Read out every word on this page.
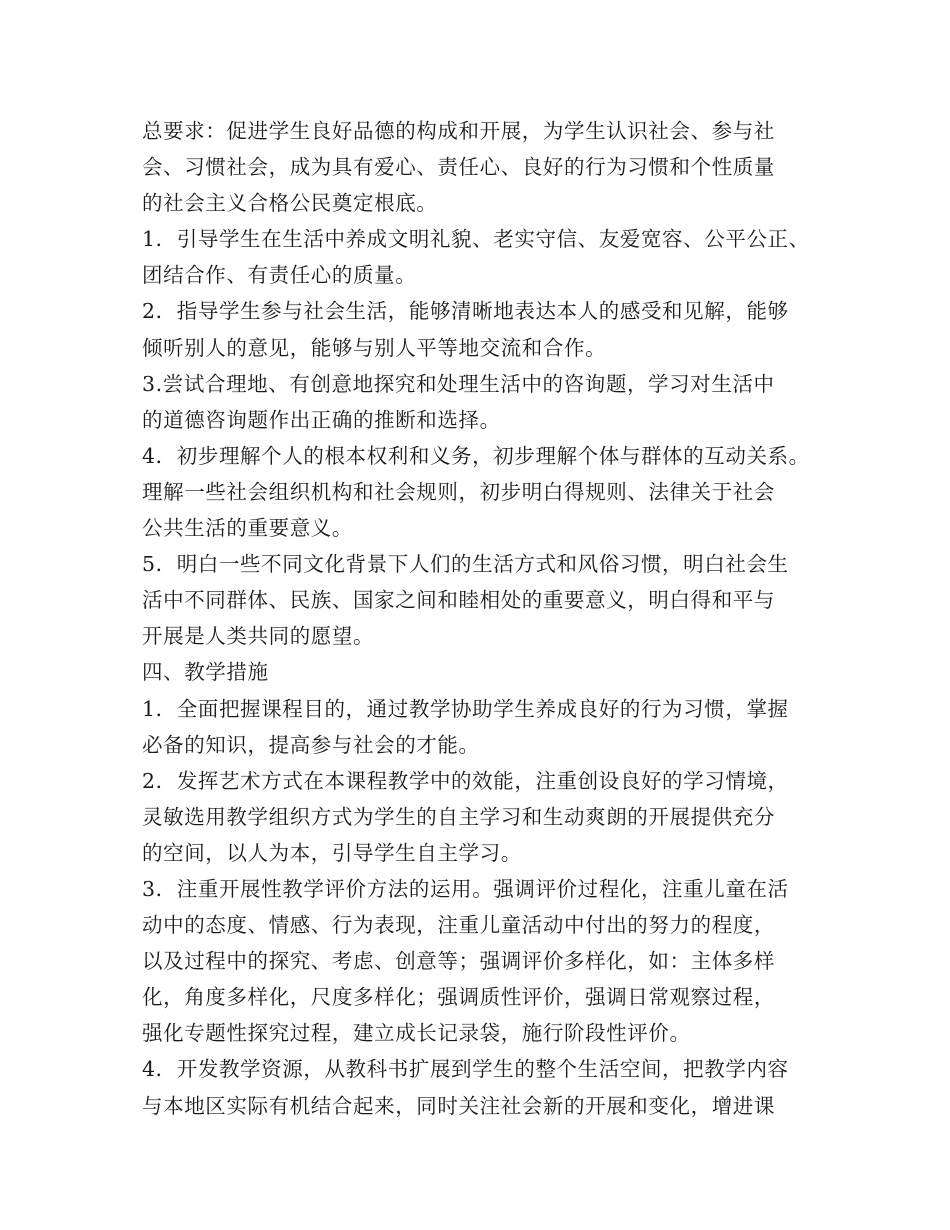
总要求：促进学生良好品德的构成和开展，为学生认识社会、参与社
会、习惯社会，成为具有爱心、责任心、良好的行为习惯和个性质量
的社会主义合格公民奠定根底。
1．引导学生在生活中养成文明礼貌、老实守信、友爱宽容、公平公正、
团结合作、有责任心的质量。
2．指导学生参与社会生活，能够清晰地表达本人的感受和见解，能够
倾听别人的意见，能够与别人平等地交流和合作。
3.尝试合理地、有创意地探究和处理生活中的咨询题，学习对生活中
的道德咨询题作出正确的推断和选择。
4．初步理解个人的根本权利和义务，初步理解个体与群体的互动关系。
理解一些社会组织机构和社会规则，初步明白得规则、法律关于社会
公共生活的重要意义。
5．明白一些不同文化背景下人们的生活方式和风俗习惯，明白社会生
活中不同群体、民族、国家之间和睦相处的重要意义，明白得和平与
开展是人类共同的愿望。
四、教学措施
1．全面把握课程目的，通过教学协助学生养成良好的行为习惯，掌握
必备的知识，提高参与社会的才能。
2．发挥艺术方式在本课程教学中的效能，注重创设良好的学习情境，
灵敏选用教学组织方式为学生的自主学习和生动爽朗的开展提供充分
的空间，以人为本，引导学生自主学习。
3．注重开展性教学评价方法的运用。强调评价过程化，注重儿童在活
动中的态度、情感、行为表现，注重儿童活动中付出的努力的程度，
以及过程中的探究、考虑、创意等；强调评价多样化，如：主体多样
化，角度多样化，尺度多样化；强调质性评价，强调日常观察过程，
强化专题性探究过程，建立成长记录袋，施行阶段性评价。
4．开发教学资源，从教科书扩展到学生的整个生活空间，把教学内容
与本地区实际有机结合起来，同时关注社会新的开展和变化，增进课
